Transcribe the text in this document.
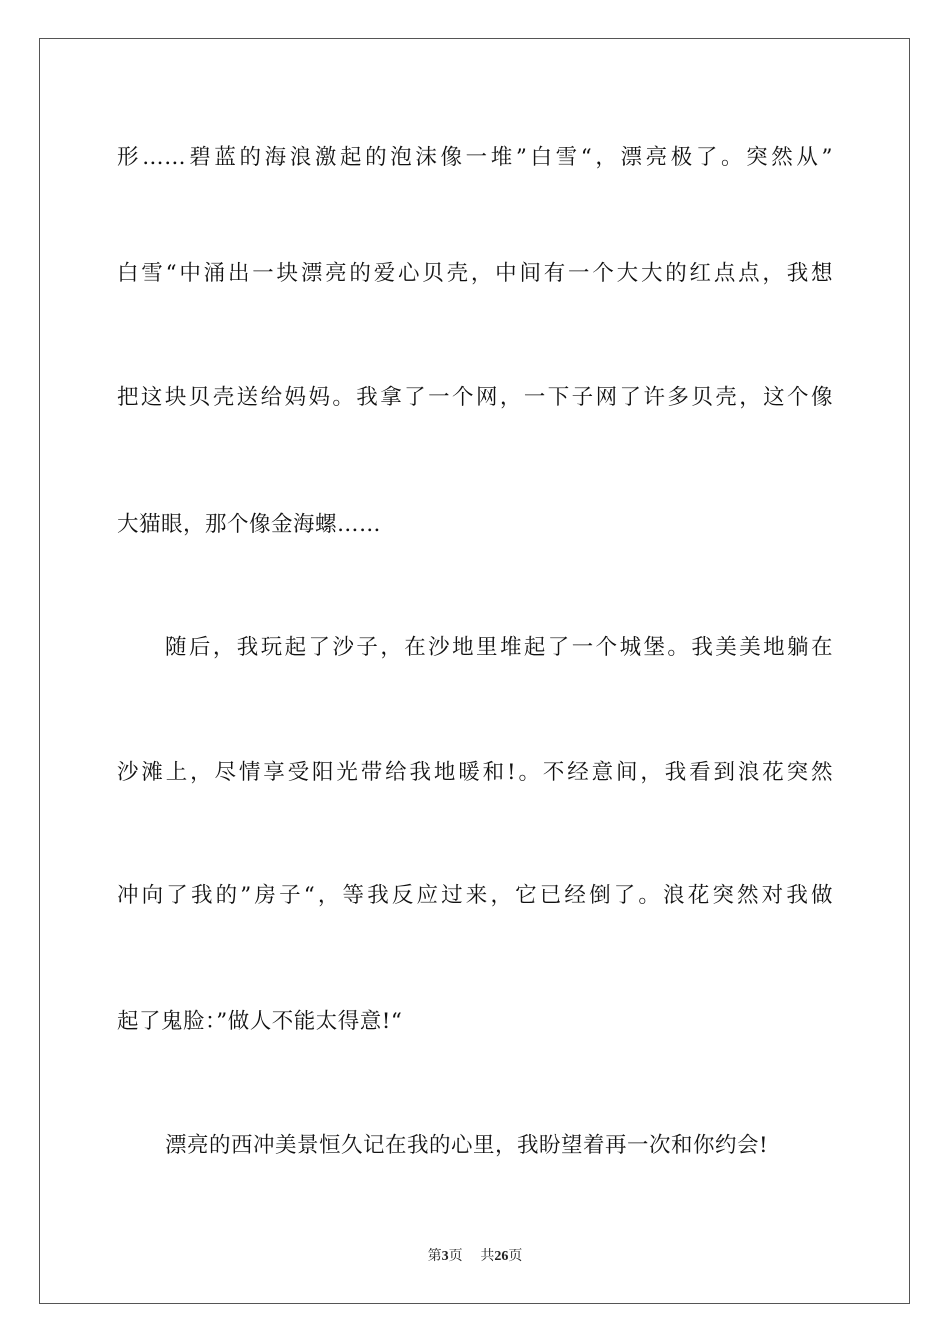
形……碧蓝的海浪激起的泡沫像一堆”白雪“，漂亮极了。突然从”
白雪“中涌出一块漂亮的爱心贝壳，中间有一个大大的红点点，我想
把这块贝壳送给妈妈。我拿了一个网，一下子网了许多贝壳，这个像
大猫眼，那个像金海螺……
随后，我玩起了沙子，在沙地里堆起了一个城堡。我美美地躺在
沙滩上，尽情享受阳光带给我地暖和!。不经意间，我看到浪花突然
冲向了我的”房子“，等我反应过来，它已经倒了。浪花突然对我做
起了鬼脸：”做人不能太得意!“
漂亮的西冲美景恒久记在我的心里，我盼望着再一次和你约会!
第3页 共26页
